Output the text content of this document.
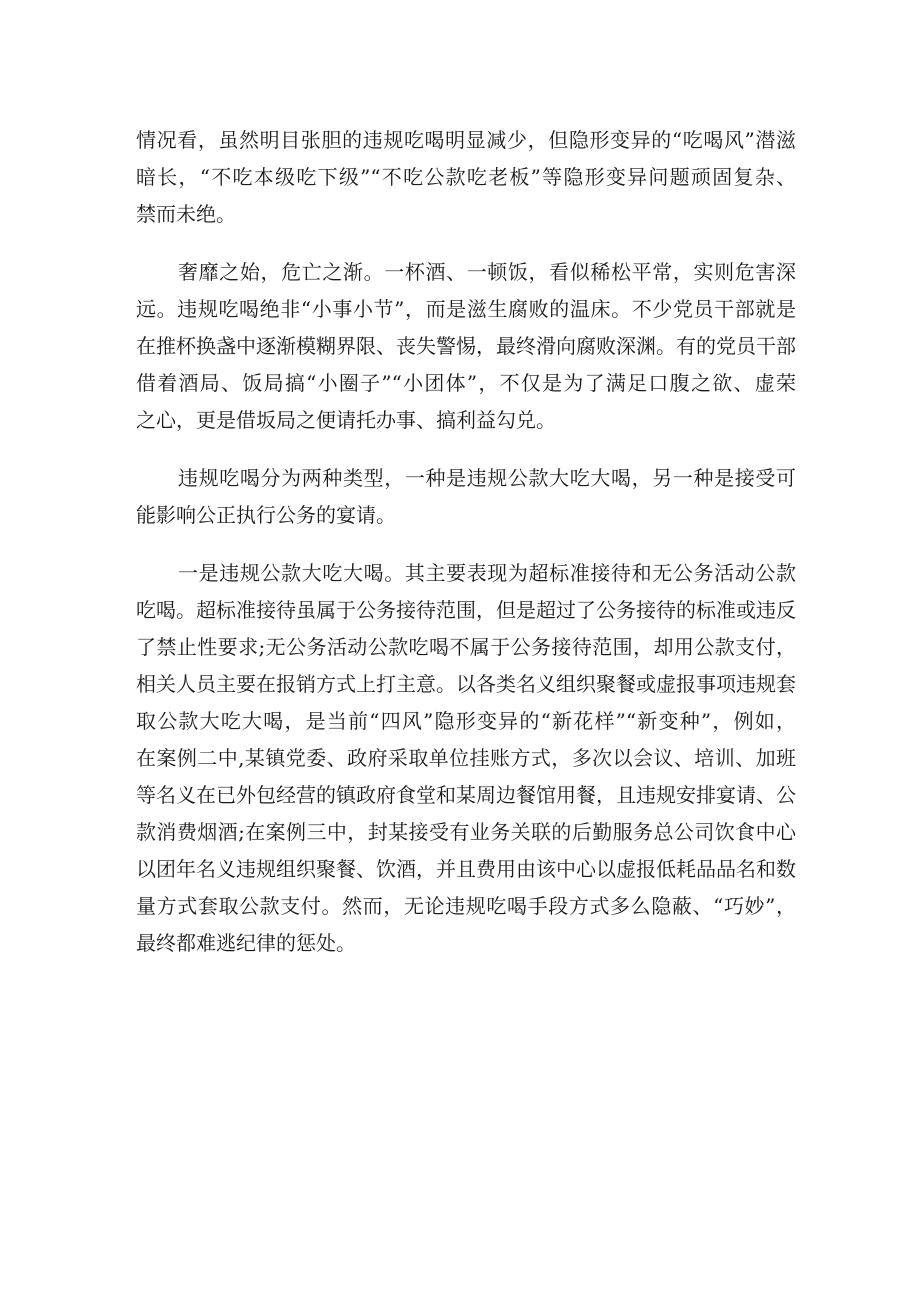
情况看，虽然明目张胆的违规吃喝明显减少，但隐形变异的“吃喝风”潜滋
暗长，“不吃本级吃下级”“不吃公款吃老板”等隐形变异问题顽固复杂、
禁而未绝。
奢靡之始，危亡之渐。一杯酒、一顿饭，看似稀松平常，实则危害深
远。违规吃喝绝非“小事小节”，而是滋生腐败的温床。不少党员干部就是
在推杯换盏中逐渐模糊界限、丧失警惕，最终滑向腐败深渊。有的党员干部
借着酒局、饭局搞“小圈子”“小团体”，不仅是为了满足口腹之欲、虚荣
之心，更是借坂局之便请托办事、搞利益勾兑。
违规吃喝分为两种类型，一种是违规公款大吃大喝，另一种是接受可
能影响公正执行公务的宴请。
一是违规公款大吃大喝。其主要表现为超标准接待和无公务活动公款
吃喝。超标准接待虽属于公务接待范围，但是超过了公务接待的标准或违反
了禁止性要求;无公务活动公款吃喝不属于公务接待范围，却用公款支付，
相关人员主要在报销方式上打主意。以各类名义组织聚餐或虚报事项违规套
取公款大吃大喝，是当前“四风”隐形变异的“新花样”“新变种”，例如，
在案例二中,某镇党委、政府采取单位挂账方式，多次以会议、培训、加班
等名义在已外包经营的镇政府食堂和某周边餐馆用餐，且违规安排宴请、公
款消费烟酒;在案例三中，封某接受有业务关联的后勤服务总公司饮食中心
以团年名义违规组织聚餐、饮酒，并且费用由该中心以虚报低耗品品名和数
量方式套取公款支付。然而，无论违规吃喝手段方式多么隐蔽、“巧妙”，
最终都难逃纪律的惩处。
